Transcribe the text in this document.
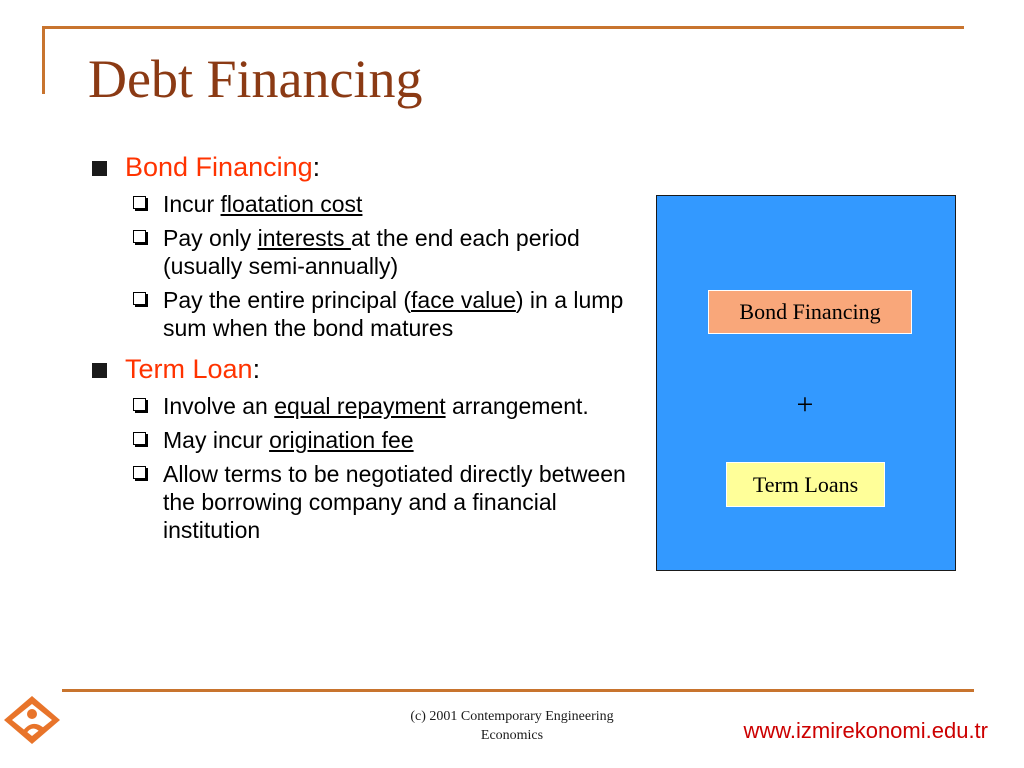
Debt Financing
Bond Financing:
Incur floatation cost
Pay only interests at the end each period (usually semi-annually)
Pay the entire principal (face value) in a lump sum when the bond matures
Term Loan:
Involve an equal repayment arrangement.
May incur origination fee
Allow terms to be negotiated directly between the borrowing company and a financial institution
Bond Financing
+
Term Loans
(c) 2001 Contemporary Engineering
Economics	www.izmirekonomi.edu.tr
